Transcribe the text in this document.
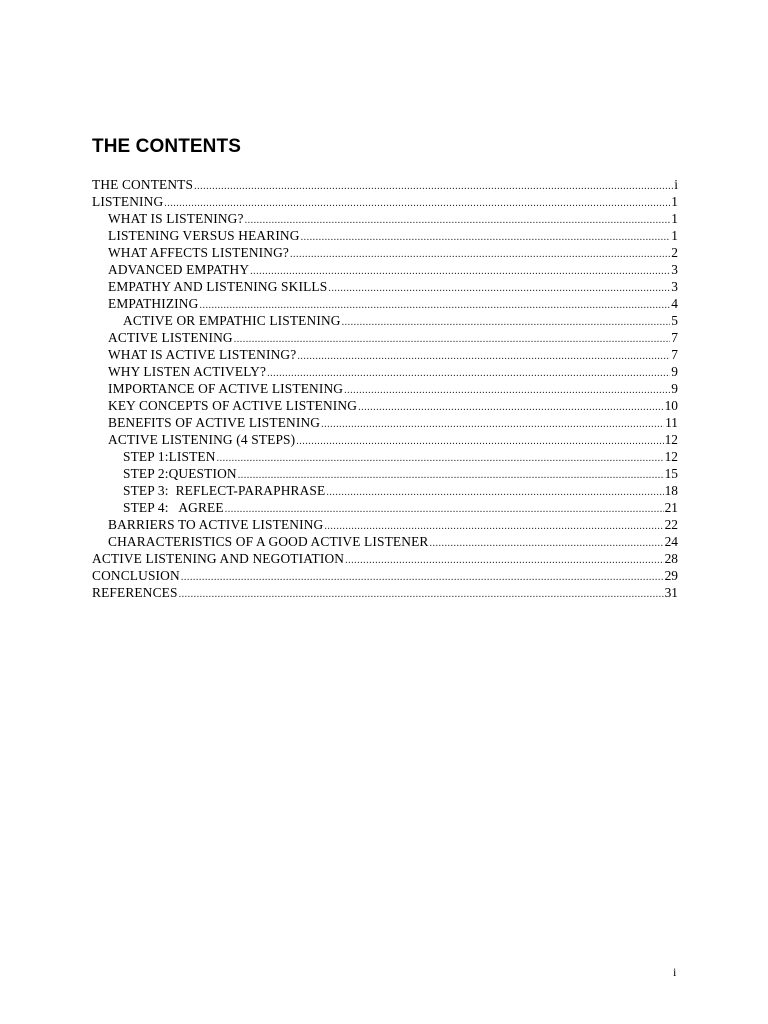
THE CONTENTS
THE CONTENTS .....	i
LISTENING .....	1
WHAT IS LISTENING? .....	1
LISTENING VERSUS HEARING .....	1
WHAT AFFECTS LISTENING? .....	2
ADVANCED EMPATHY .....	3
EMPATHY AND LISTENING SKILLS .....	3
EMPATHIZING .....	4
ACTIVE OR EMPATHIC LISTENING .....	5
ACTIVE LISTENING .....	7
WHAT IS ACTIVE LISTENING? .....	7
WHY LISTEN ACTIVELY? .....	9
IMPORTANCE OF ACTIVE LISTENING .....	9
KEY CONCEPTS OF ACTIVE LISTENING .....	10
BENEFITS OF ACTIVE LISTENING .....	11
ACTIVE LISTENING (4 STEPS) .....	12
STEP 1:LISTEN .....	12
STEP 2:QUESTION .....	15
STEP 3:  REFLECT-PARAPHRASE .....	18
STEP 4:   AGREE .....	21
BARRIERS TO ACTIVE LISTENING .....	22
CHARACTERISTICS OF A GOOD ACTIVE LISTENER .....	24
ACTIVE LISTENING AND NEGOTIATION .....	28
CONCLUSION .....	29
REFERENCES .....	31
i
